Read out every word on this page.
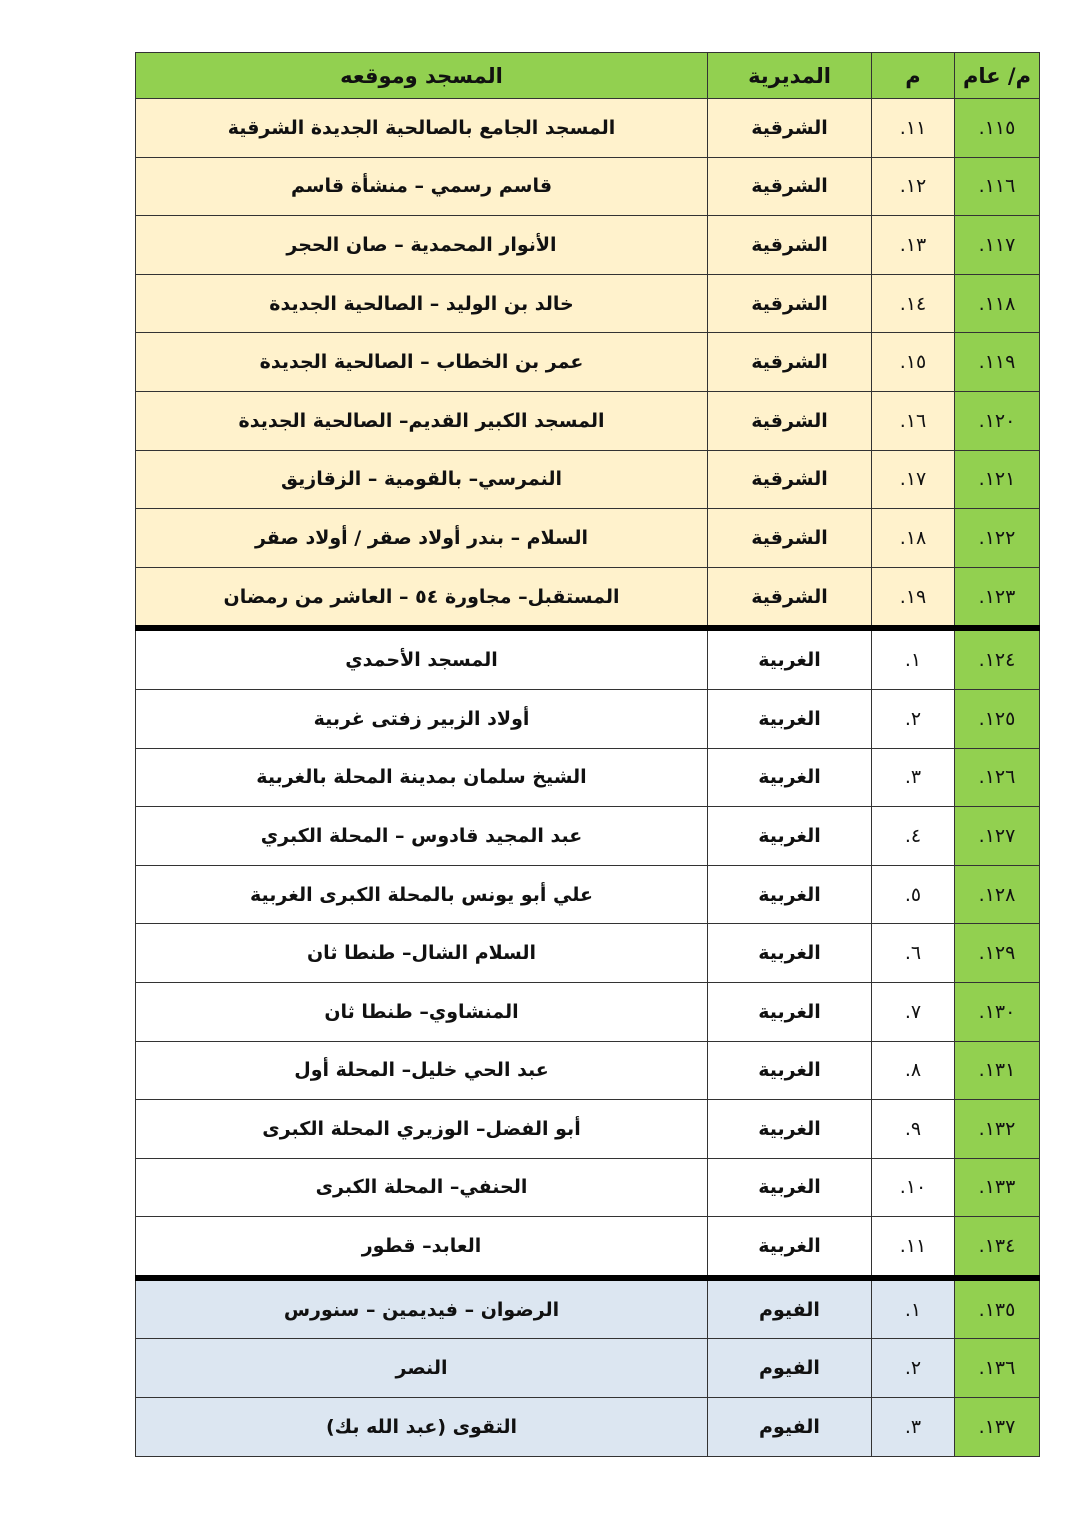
م/ عام	م	المديرية	المسجد وموقعه
١١٥.	١١.	الشرقية	المسجد الجامع بالصالحية الجديدة الشرقية
١١٦.	١٢.	الشرقية	قاسم رسمي – منشأة قاسم
١١٧.	١٣.	الشرقية	الأنوار المحمدية – صان الحجر
١١٨.	١٤.	الشرقية	خالد بن الوليد – الصالحية الجديدة
١١٩.	١٥.	الشرقية	عمر بن الخطاب – الصالحية الجديدة
١٢٠.	١٦.	الشرقية	المسجد الكبير القديم– الصالحية الجديدة
١٢١.	١٧.	الشرقية	النمرسي– بالقومية – الزقازيق
١٢٢.	١٨.	الشرقية	السلام – بندر أولاد صقر / أولاد صقر
١٢٣.	١٩.	الشرقية	المستقبل– مجاورة ٥٤ – العاشر من رمضان
١٢٤.	١.	الغربية	المسجد الأحمدي
١٢٥.	٢.	الغربية	أولاد الزبير زفتى غربية
١٢٦.	٣.	الغربية	الشيخ سلمان بمدينة المحلة بالغربية
١٢٧.	٤.	الغربية	عبد المجيد قادوس – المحلة الكبري
١٢٨.	٥.	الغربية	علي أبو يونس بالمحلة الكبرى الغربية
١٢٩.	٦.	الغربية	السلام الشال– طنطا ثان
١٣٠.	٧.	الغربية	المنشاوي– طنطا ثان
١٣١.	٨.	الغربية	عبد الحي خليل– المحلة أول
١٣٢.	٩.	الغربية	أبو الفضل– الوزيري المحلة الكبرى
١٣٣.	١٠.	الغربية	الحنفي– المحلة الكبرى
١٣٤.	١١.	الغربية	العابد– قطور
١٣٥.	١.	الفيوم	الرضوان – فيديمين – سنورس
١٣٦.	٢.	الفيوم	النصر
١٣٧.	٣.	الفيوم	التقوى (عبد الله بك)
